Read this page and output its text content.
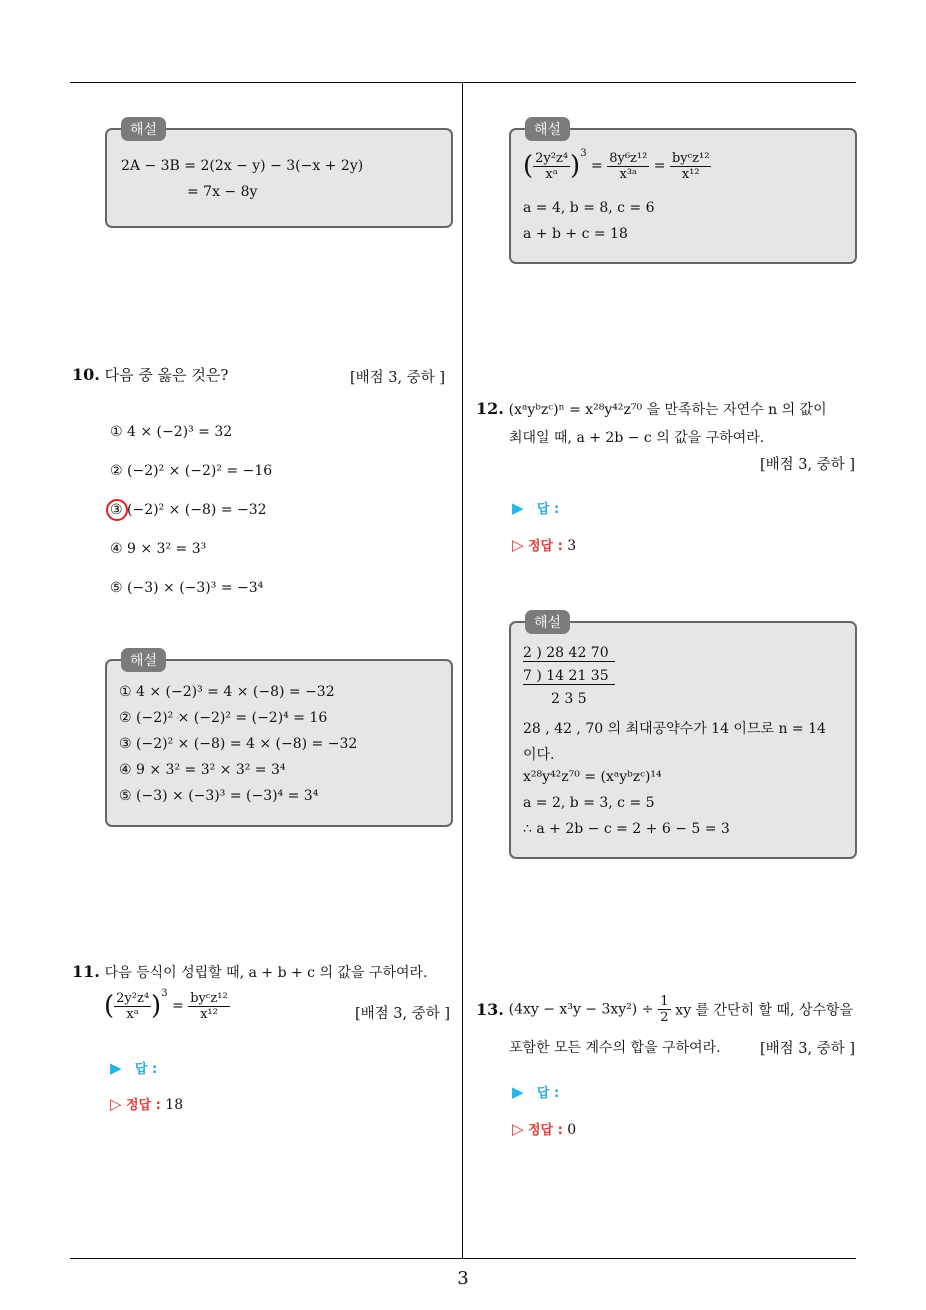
해설
2A − 3B = 2(2x − y) − 3(−x + 2y)
= 7x − 8y
10. 다음 중 옳은 것은?	[배점 3, 중하 ]
① 4 × (−2)³ = 32
② (−2)² × (−2)² = −16
③ (−2)² × (−8) = −32
④ 9 × 3² = 3³
⑤ (−3) × (−3)³ = −3⁴
해설
① 4 × (−2)³ = 4 × (−8) = −32
② (−2)² × (−2)² = (−2)⁴ = 16
③ (−2)² × (−8) = 4 × (−8) = −32
④ 9 × 3² = 3² × 3² = 3⁴
⑤ (−3) × (−3)³ = (−3)⁴ = 3⁴
11. 다음 등식이 성립할 때, a + b + c 의 값을 구하여라.
( $\frac{\text{2y²z⁴}}{\text{xᵃ}} )^3 = \frac{\text{byᶜz¹²}}{\text{x¹²}}$	[배점 3, 중하 ]
▶ 답 :
▷ 정답 : 18
해설
( $\frac{\text{2y²z⁴}}{\text{xᵃ}} )^3 = \frac{\text{8y⁶z¹²}}{\text{x³ᵃ}} = \frac{\text{byᶜz¹²}}{\text{x¹²}}$
a = 4, b = 8, c = 6
a + b + c = 18
12. (xᵃyᵇzᶜ)ⁿ = x²⁸y⁴²z⁷⁰ 을 만족하는 자연수 n 의 값이
최대일 때, a + 2b − c 의 값을 구하여라.
[배점 3, 중하 ]
▶ 답 :
▷ 정답 : 3
해설
2 ) 28 42 70
7 ) 14 21 35
2 3 5
28 , 42 , 70 의 최대공약수가 14 이므로 n = 14
이다.
x²⁸y⁴²z⁷⁰ = (xᵃyᵇzᶜ)¹⁴
a = 2, b = 3, c = 5
∴ a + 2b − c = 2 + 6 − 5 = 3
13. $(4xy - x^3y - 3xy^2) \div \frac{1}{2}$ xy 를 간단히 할 때, 상수항을
포함한 모든 계수의 합을 구하여라.	[배점 3, 중하 ]
▶ 답 :
▷ 정답 : 0
3
